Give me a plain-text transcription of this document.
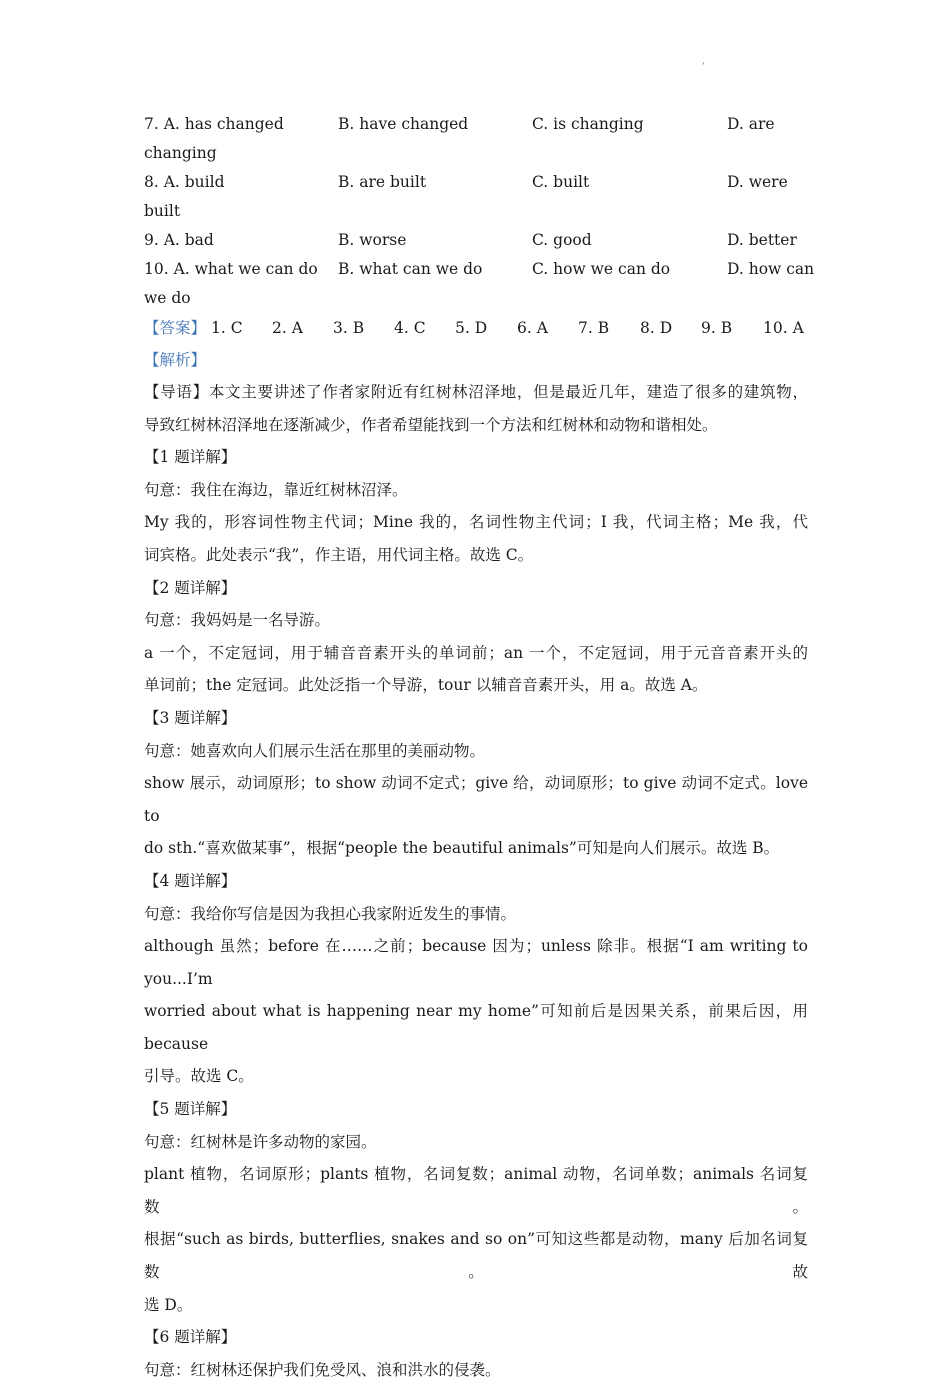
'
7. A. has changed	B. have changed	C. is changing	D. are
changing
8. A. build	B. are built	C. built	D. were
built
9. A. bad	B. worse	C. good	D. better
10. A. what we can do B. what can we do	C. how we can do	D. how can
we do
【答案】 1. C 2. A 3. B 4. C 5. D 6. A 7. B 8. D 9. B 10. A
【解析】
【导语】本文主要讲述了作者家附近有红树林沼泽地，但是最近几年，建造了很多的建筑物，
导致红树林沼泽地在逐渐减少，作者希望能找到一个方法和红树林和动物和谐相处。
【1 题详解】
句意：我住在海边，靠近红树林沼泽。
My 我的，形容词性物主代词；Mine 我的，名词性物主代词；I 我，代词主格；Me 我，代
词宾格。此处表示“我”，作主语，用代词主格。故选 C。
【2 题详解】
句意：我妈妈是一名导游。
a 一个，不定冠词，用于辅音音素开头的单词前；an 一个，不定冠词，用于元音音素开头的
单词前；the 定冠词。此处泛指一个导游，tour 以辅音音素开头，用 a。故选 A。
【3 题详解】
句意：她喜欢向人们展示生活在那里的美丽动物。
show 展示，动词原形；to show 动词不定式；give 给，动词原形；to give 动词不定式。love to
do sth.“喜欢做某事”，根据“people the beautiful animals”可知是向人们展示。故选 B。
【4 题详解】
句意：我给你写信是因为我担心我家附近发生的事情。
although 虽然；before 在……之前；because 因为；unless 除非。根据“I am writing to you...I’m
worried about what is happening near my home”可知前后是因果关系，前果后因，用 because
引导。故选 C。
【5 题详解】
句意：红树林是许多动物的家园。
plant 植物，名词原形；plants 植物，名词复数；animal 动物，名词单数；animals 名词复数。
根据“such as birds, butterflies, snakes and so on”可知这些都是动物，many 后加名词复数。故
选 D。
【6 题详解】
句意：红树林还保护我们免受风、浪和洪水的侵袭。
